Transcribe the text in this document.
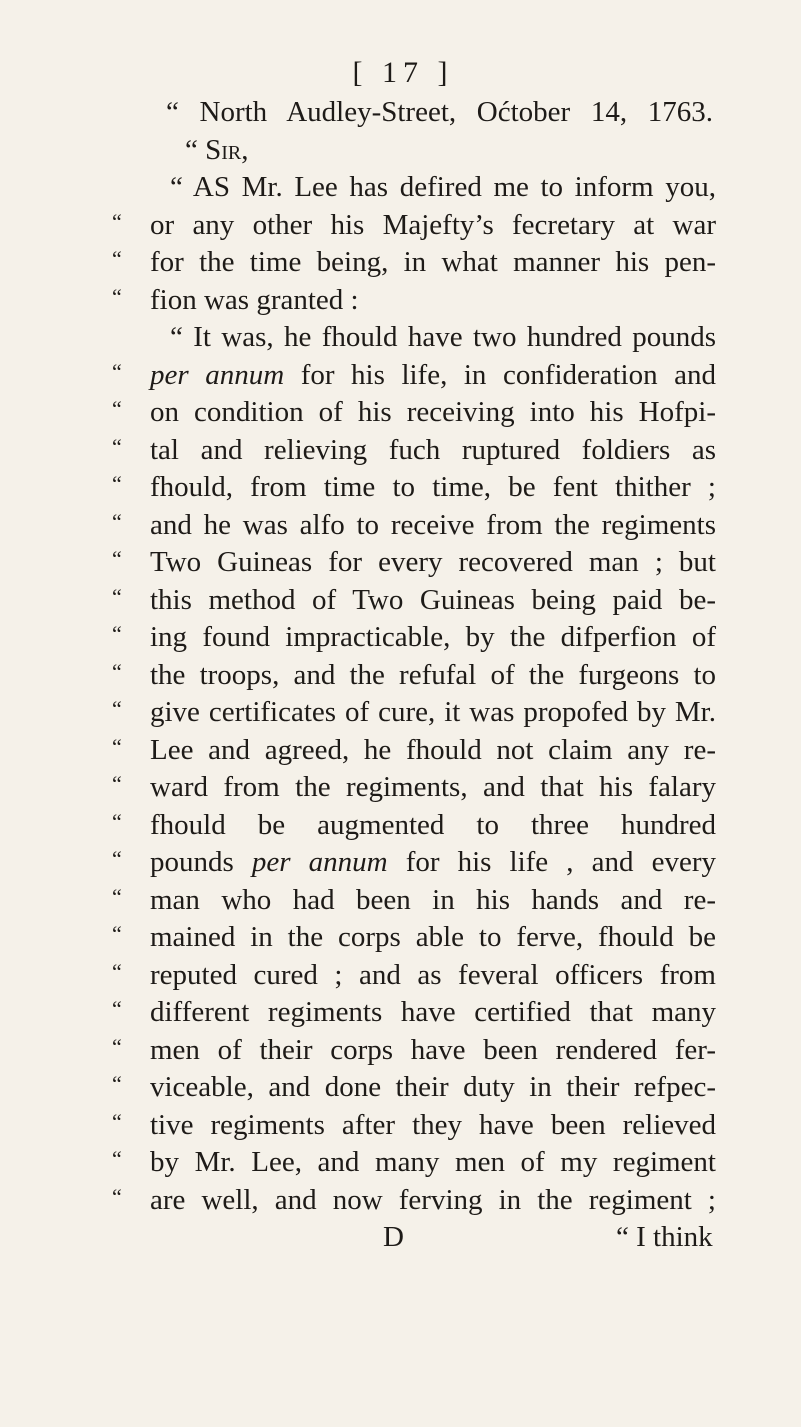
[ 17 ]
“ North Audley-Street, Oćtober 14, 1763.
“ Sir,
“ AS Mr. Lee has defired me to inform you,
“ or any other his Majefty’s fecretary at war
“ for the time being, in what manner his pen-
“ fion was granted :
“ It was, he fhould have two hundred pounds
“ per annum for his life, in confideration and
“ on condition of his receiving into his Hofpi-
“ tal and relieving fuch ruptured foldiers as
“ fhould, from time to time, be fent thither ;
“ and he was alfo to receive from the regiments
“ Two Guineas for every recovered man ; but
“ this method of Two Guineas being paid be-
“ ing found impracticable, by the difperfion of
“ the troops, and the refufal of the furgeons to
“ give certificates of cure, it was propofed by Mr.
“ Lee and agreed, he fhould not claim any re-
“ ward from the regiments, and that his falary
“ fhould be augmented to three hundred
“ pounds per annum for his life , and every
“ man who had been in his hands and re-
“ mained in the corps able to ferve, fhould be
“ reputed cured ; and as feveral officers from
“ different regiments have certified that many
“ men of their corps have been rendered fer-
“ viceable, and done their duty in their refpec-
“ tive regiments after they have been relieved
“ by Mr. Lee, and many men of my regiment
“ are well, and now ferving in the regiment ;
D	“ I think
